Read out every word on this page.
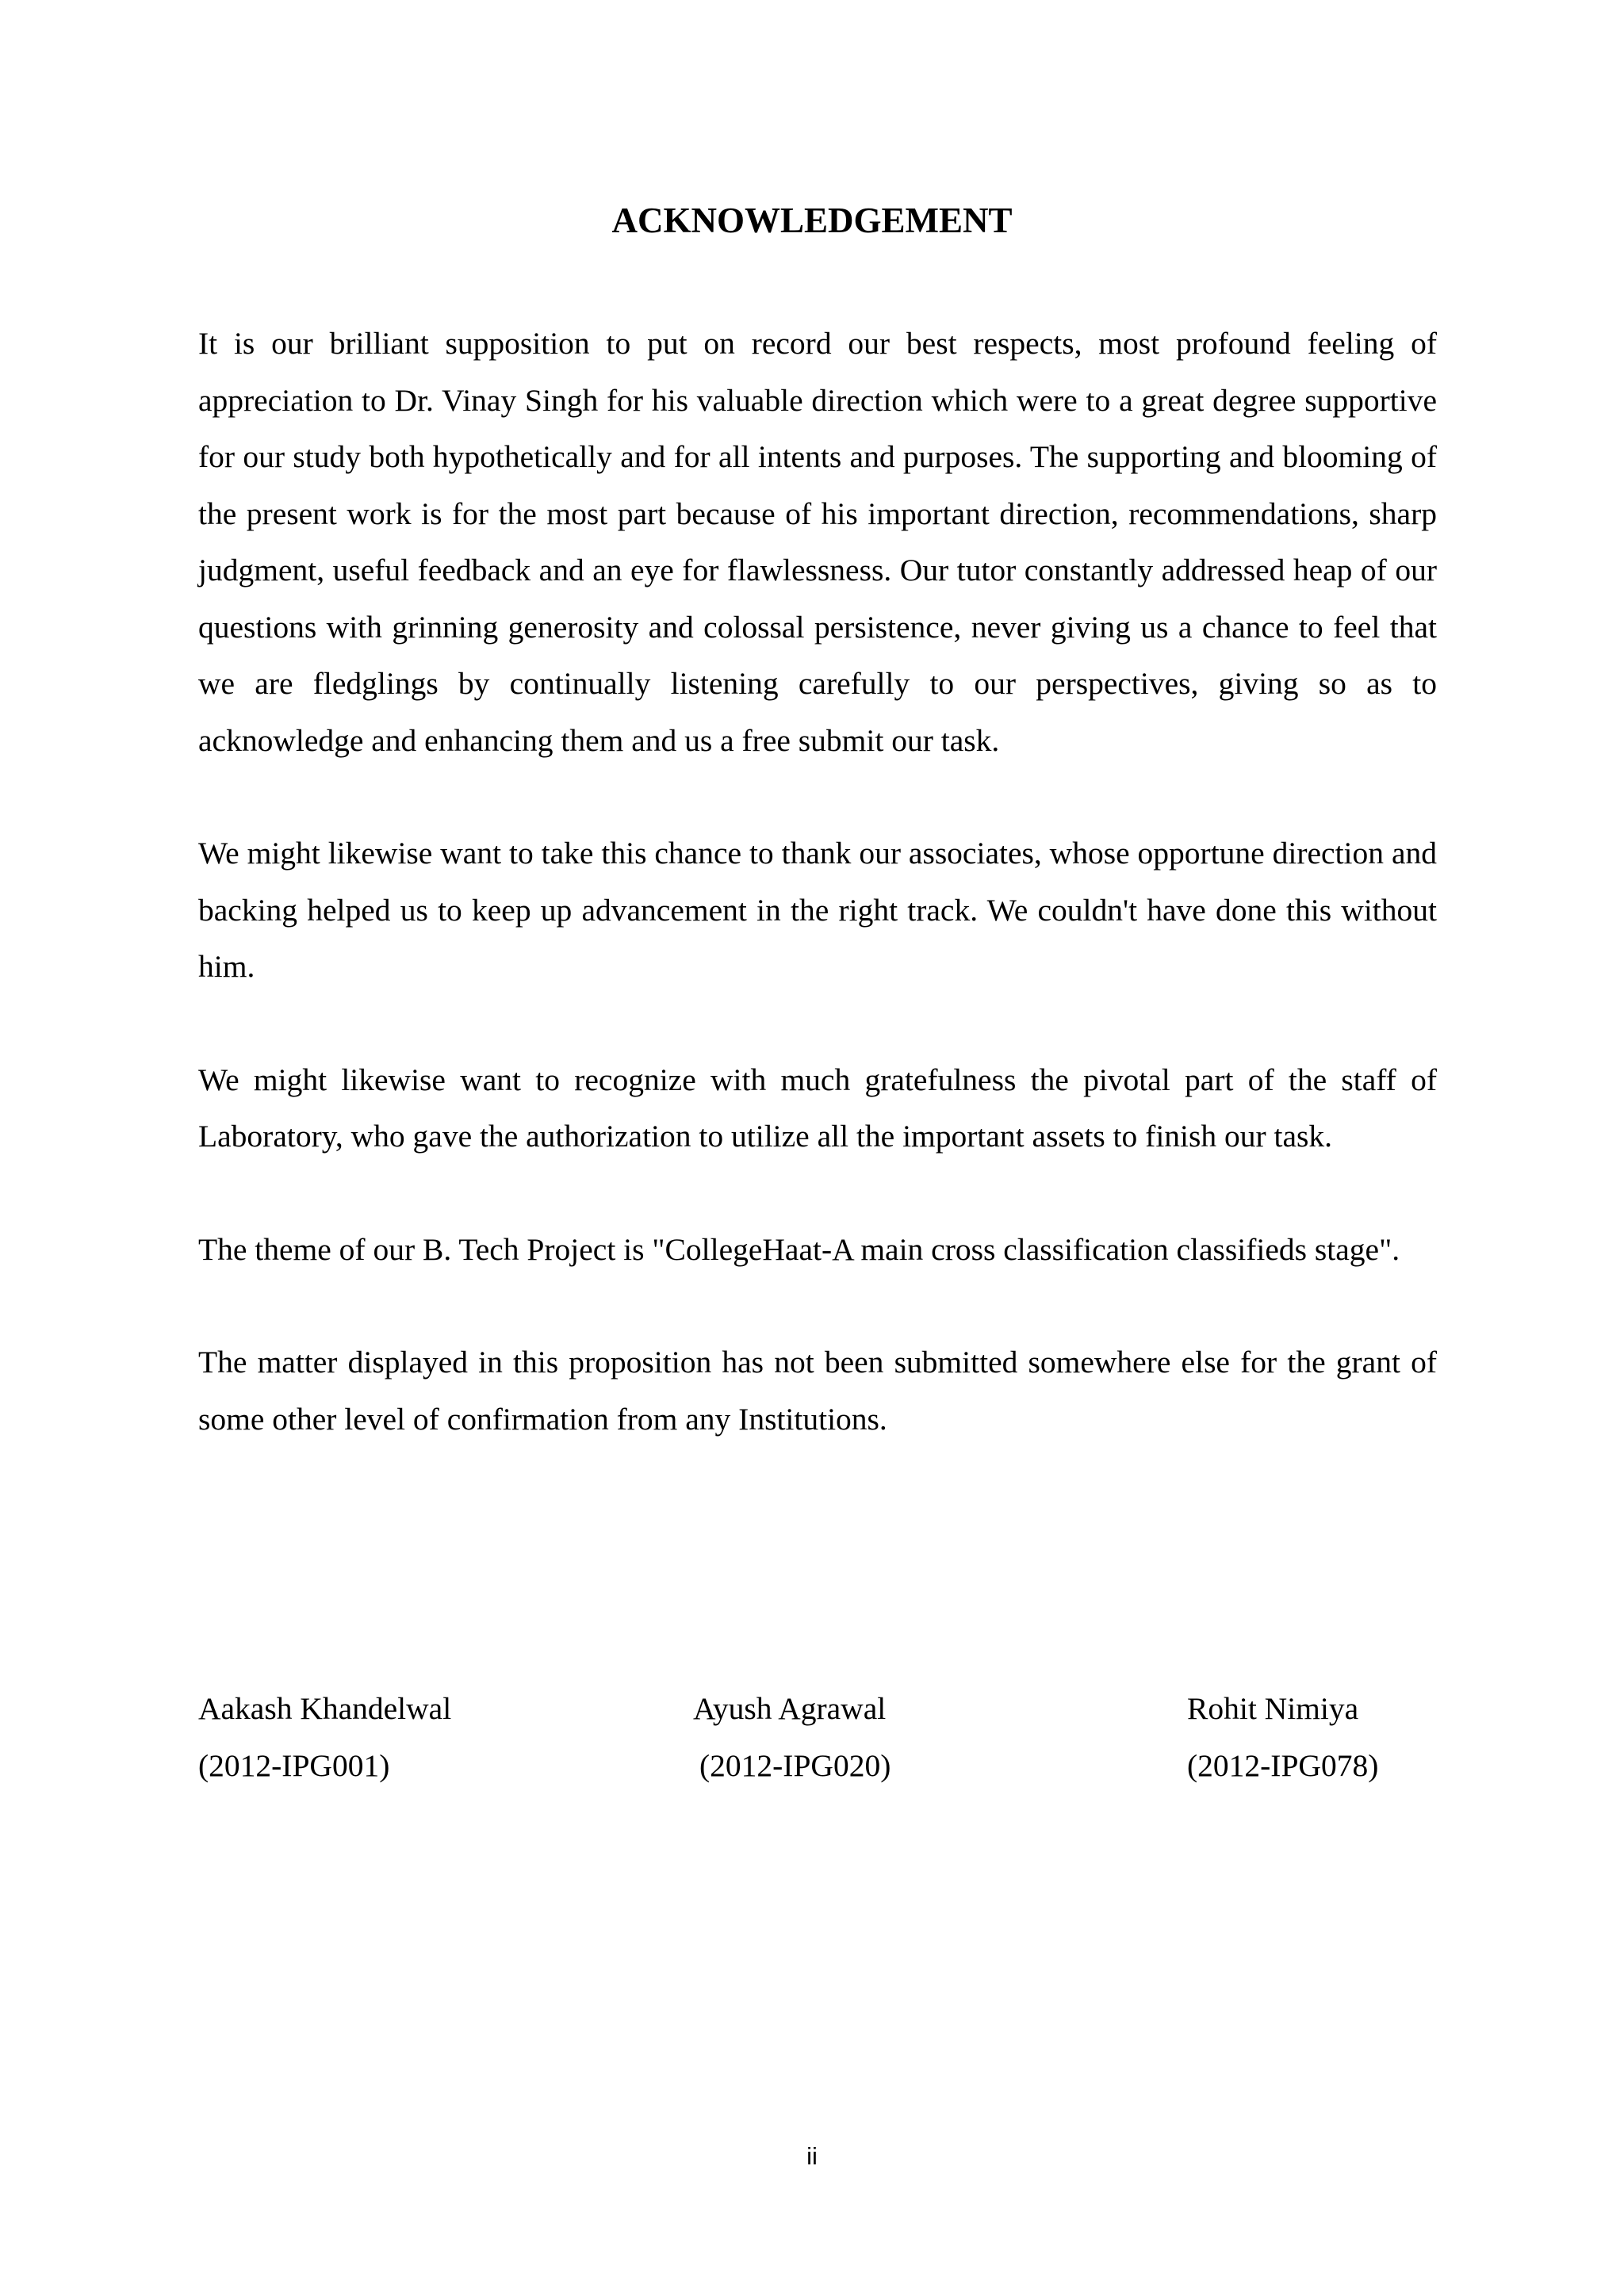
ACKNOWLEDGEMENT

It is our brilliant supposition to put on record our best respects, most profound feeling of appreciation to Dr. Vinay Singh for his valuable direction which were to a great degree supportive for our study both hypothetically and for all intents and purposes. The supporting and blooming of the present work is for the most part because of his important direction, recommendations, sharp judgment, useful feedback and an eye for flawlessness. Our tutor constantly addressed heap of our questions with grinning generosity and colossal persistence, never giving us a chance to feel that we are fledglings by continually listening carefully to our perspectives, giving so as to acknowledge and enhancing them and us a free submit our task.

We might likewise want to take this chance to thank our associates, whose opportune direction and backing helped us to keep up advancement in the right track. We couldn't have done this without him.

We might likewise want to recognize with much gratefulness the pivotal part of the staff of Laboratory, who gave the authorization to utilize all the important assets to finish our task.

The theme of our B. Tech Project is "CollegeHaat-A main cross classification classifieds stage".

The matter displayed in this proposition has not been submitted somewhere else for the grant of some other level of confirmation from any Institutions.

Aakash Khandelwal
(2012-IPG001)
Ayush Agrawal
(2012-IPG020)
Rohit Nimiya
(2012-IPG078)
ii
